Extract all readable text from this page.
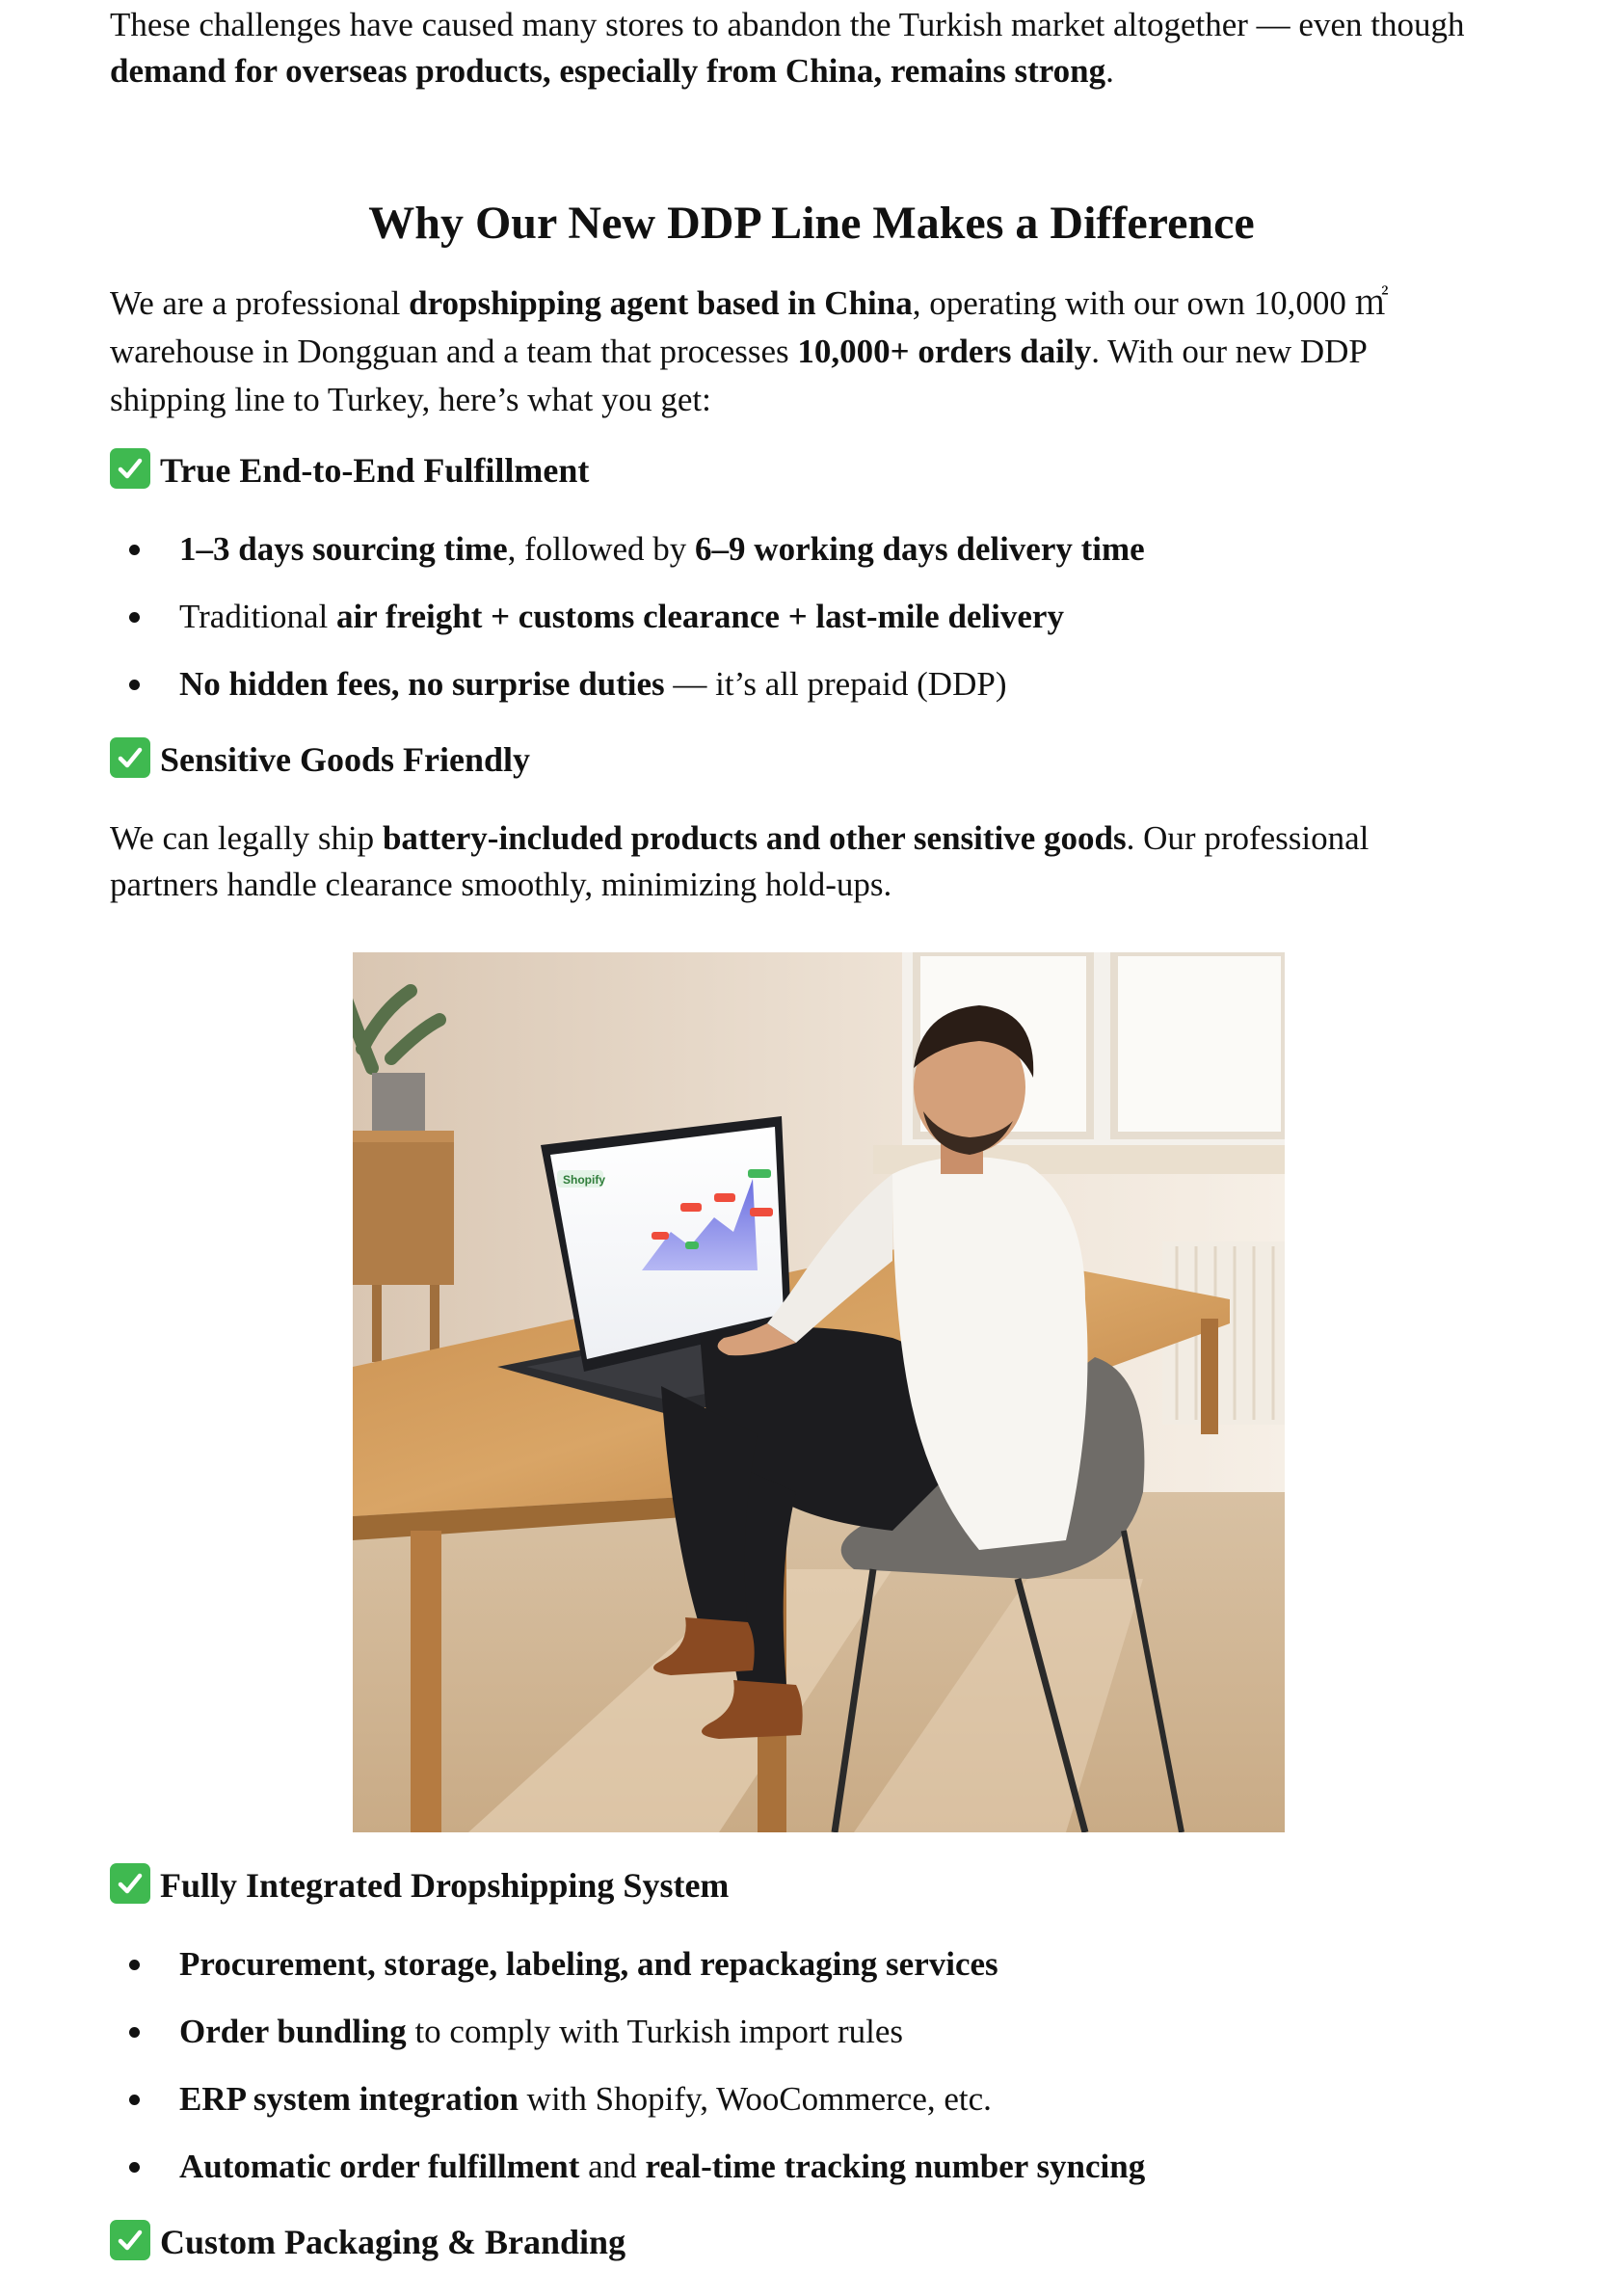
These challenges have caused many stores to abandon the Turkish market altogether — even though
demand for overseas products, especially from China, remains strong.

Why Our New DDP Line Makes a Difference

We are a professional dropshipping agent based in China, operating with our own 10,000 ㎡
warehouse in Dongguan and a team that processes 10,000+ orders daily. With our new DDP
shipping line to Turkey, here’s what you get:

True End-to-End Fulfillment

1–3 days sourcing time, followed by 6–9 working days delivery time
Traditional air freight + customs clearance + last-mile delivery
No hidden fees, no surprise duties — it’s all prepaid (DDP)

Sensitive Goods Friendly

We can legally ship battery-included products and other sensitive goods. Our professional
partners handle clearance smoothly, minimizing hold-ups.

Shopify

Fully Integrated Dropshipping System

Procurement, storage, labeling, and repackaging services
Order bundling to comply with Turkish import rules
ERP system integration with Shopify, WooCommerce, etc.
Automatic order fulfillment and real-time tracking number syncing

Custom Packaging & Branding
